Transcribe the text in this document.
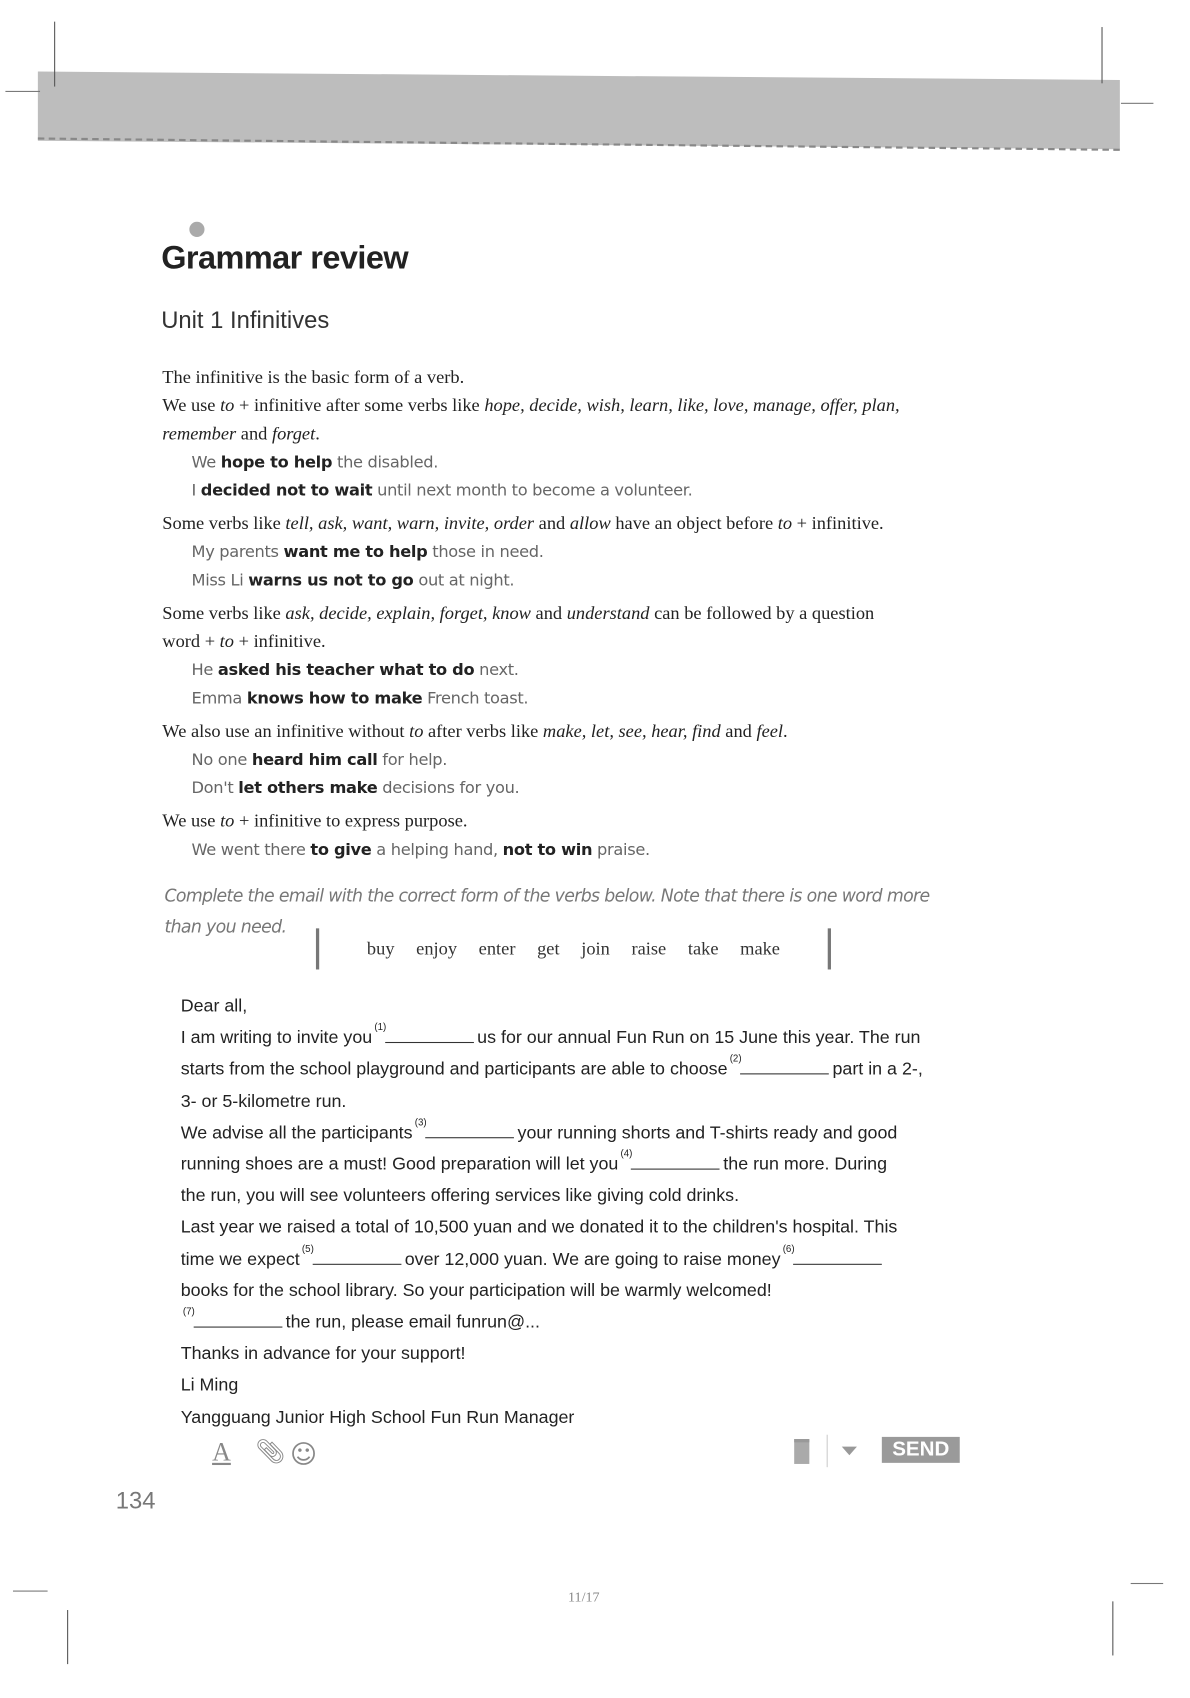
Grammar review
Unit 1 Infinitives
The infinitive is the basic form of a verb.
We use to + infinitive after some verbs like hope, decide, wish, learn, like, love, manage, offer, plan,
remember and forget.
We hope to help the disabled.
I decided not to wait until next month to become a volunteer.
Some verbs like tell, ask, want, warn, invite, order and allow have an object before to + infinitive.
My parents want me to help those in need.
Miss Li warns us not to go out at night.
Some verbs like ask, decide, explain, forget, know and understand can be followed by a question
word + to + infinitive.
He asked his teacher what to do next.
Emma knows how to make French toast.
We also use an infinitive without to after verbs like make, let, see, hear, find and feel.
No one heard him call for help.
Don't let others make decisions for you.
We use to + infinitive to express purpose.
We went there to give a helping hand, not to win praise.
Complete the email with the correct form of the verbs below. Note that there is one word more than you need.
buy enjoy enter get join raise take make
Dear all,
I am writing to invite you
(1)
us for our annual Fun Run on 15 June this year. The run
starts from the school playground and participants are able to choose
(2)
part in a 2-,
3- or 5-kilometre run.
We advise all the participants
(3)
your running shorts and T-shirts ready and good
running shoes are a must! Good preparation will let you
(4)
the run more. During
the run, you will see volunteers offering services like giving cold drinks.
Last year we raised a total of 10,500 yuan and we donated it to the children's hospital. This
time we expect
(5)
over 12,000 yuan. We are going to raise money
(6)
books for the school library. So your participation will be warmly welcomed!
(7)
the run, please email funrun@...
Thanks in advance for your support!
Li Ming
Yangguang Junior High School Fun Run Manager
A 📎︎ ☺	SEND
134
11/17
